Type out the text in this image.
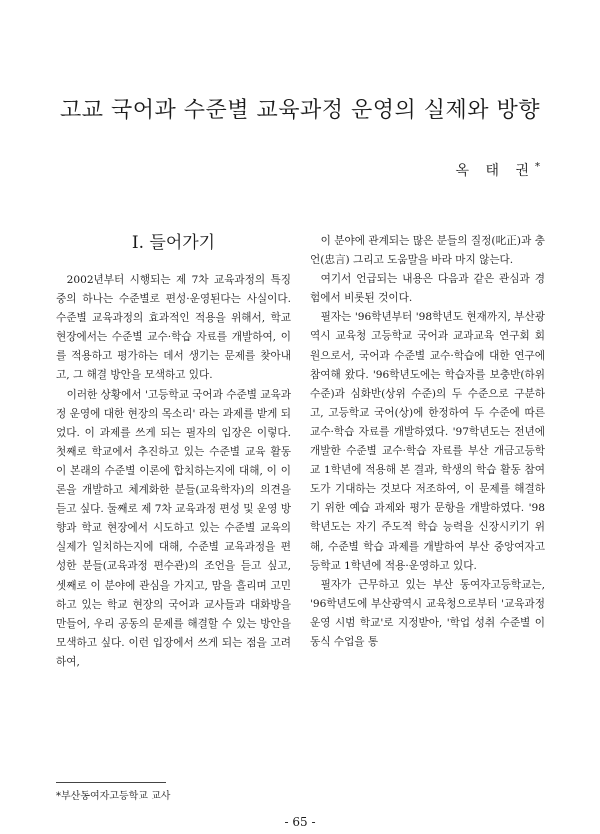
고교 국어과 수준별 교육과정 운영의 실제와 방향
옥 태 권*
Ⅰ. 들어가기

2002년부터 시행되는 제 7차 교육과정의 특징 중의 하나는 수준별로 편성·운영된다는 사실이다. 수준별 교육과정의 효과적인 적용을 위해서, 학교 현장에서는 수준별 교수·학습 자료를 개발하여, 이를 적용하고 평가하는 데서 생기는 문제를 찾아내고, 그 해결 방안을 모색하고 있다.

이러한 상황에서 '고등학교 국어과 수준별 교육과정 운영에 대한 현장의 목소리' 라는 과제를 받게 되었다. 이 과제를 쓰게 되는 필자의 입장은 이렇다. 첫째로 학교에서 추진하고 있는 수준별 교육 활동이 본래의 수준별 이론에 합치하는지에 대해, 이 이론을 개발하고 체계화한 분들(교육학자)의 의견을 듣고 싶다. 둘째로 제 7차 교육과정 편성 및 운영 방향과 학교 현장에서 시도하고 있는 수준별 교육의 실제가 일치하는지에 대해, 수준별 교육과정을 편성한 분들(교육과정 편수관)의 조언을 듣고 싶고, 셋째로 이 분야에 관심을 가지고, 맘을 흘리며 고민하고 있는 학교 현장의 국어과 교사들과 대화방을 만들어, 우리 공동의 문제를 해결할 수 있는 방안을 모색하고 싶다. 이런 입장에서 쓰게 되는 점을 고려하여,

이 분야에 관계되는 많은 분들의 질정(叱正)과 충언(忠言) 그리고 도움말을 바라 마지 않는다.

여기서 언급되는 내용은 다음과 같은 관심과 경험에서 비롯된 것이다.

필자는 '96학년부터 '98학년도 현재까지, 부산광역시 교육청 고등학교 국어과 교과교육 연구회 회원으로서, 국어과 수준별 교수·학습에 대한 연구에 참여해 왔다. '96학년도에는 학습자를 보충반(하위 수준)과 심화반(상위 수준)의 두 수준으로 구분하고, 고등학교 국어(상)에 한정하여 두 수준에 따른 교수·학습 자료를 개발하였다. '97학년도는 전년에 개발한 수준별 교수·학습 자료를 부산 개금고등학교 1학년에 적용해 본 결과, 학생의 학습 활동 참여도가 기대하는 것보다 저조하여, 이 문제를 해결하기 위한 예습 과제와 평가 문항을 개발하였다. '98학년도는 자기 주도적 학습 능력을 신장시키기 위해, 수준별 학습 과제를 개발하여 부산 중앙여자고등학교 1학년에 적용·운영하고 있다.

필자가 근무하고 있는 부산 동여자고등학교는, '96학년도에 부산광역시 교육청으로부터 '교육과정 운영 시범 학교'로 지정받아, '학업 성취 수준별 이동식 수업을 통

*부산동여자고등학교 교사
- 65 -
